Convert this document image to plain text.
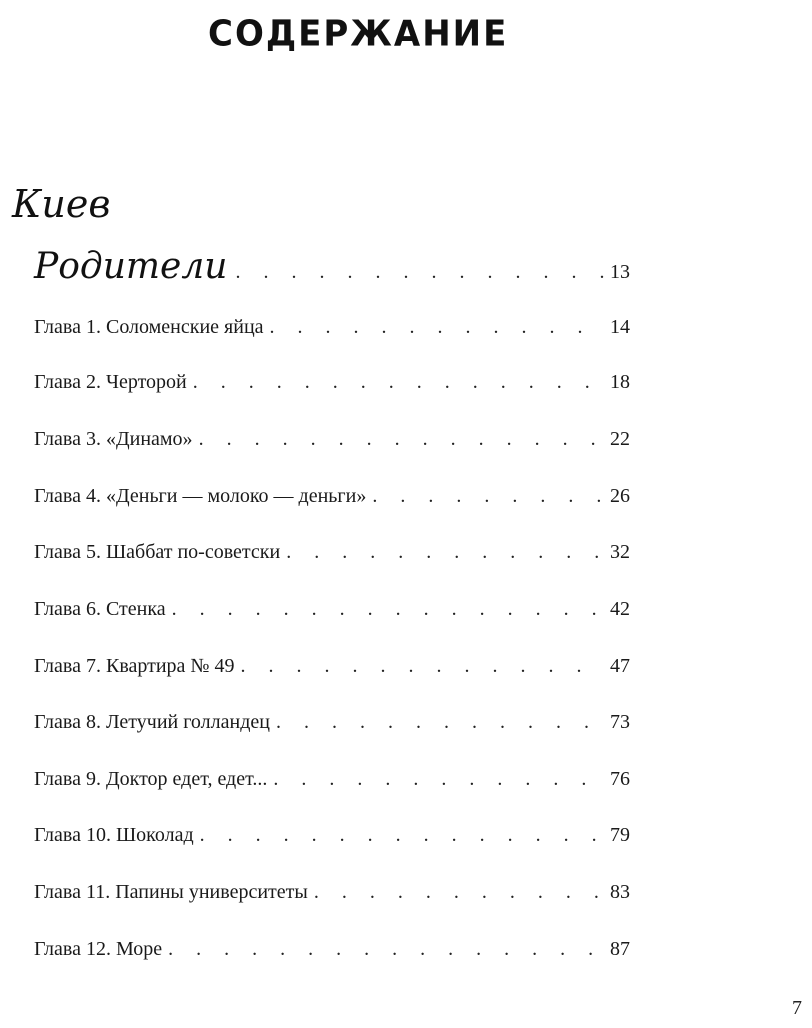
СОДЕРЖАНИЕ
Киев
Родители . . .	13
Глава 1. Соломенские яйца . . .	14
Глава 2. Черторой . . .	18
Глава 3. «Динамо» . . .	22
Глава 4. «Деньги — молоко — деньги» . . .	26
Глава 5. Шаббат по-советски . . .	32
Глава 6. Стенка . . .	42
Глава 7. Квартира № 49 . . .	47
Глава 8. Летучий голландец . . .	73
Глава 9. Доктор едет, едет... . . .	76
Глава 10. Шоколад . . .	79
Глава 11. Папины университеты . . .	83
Глава 12. Море . . .	87
7
